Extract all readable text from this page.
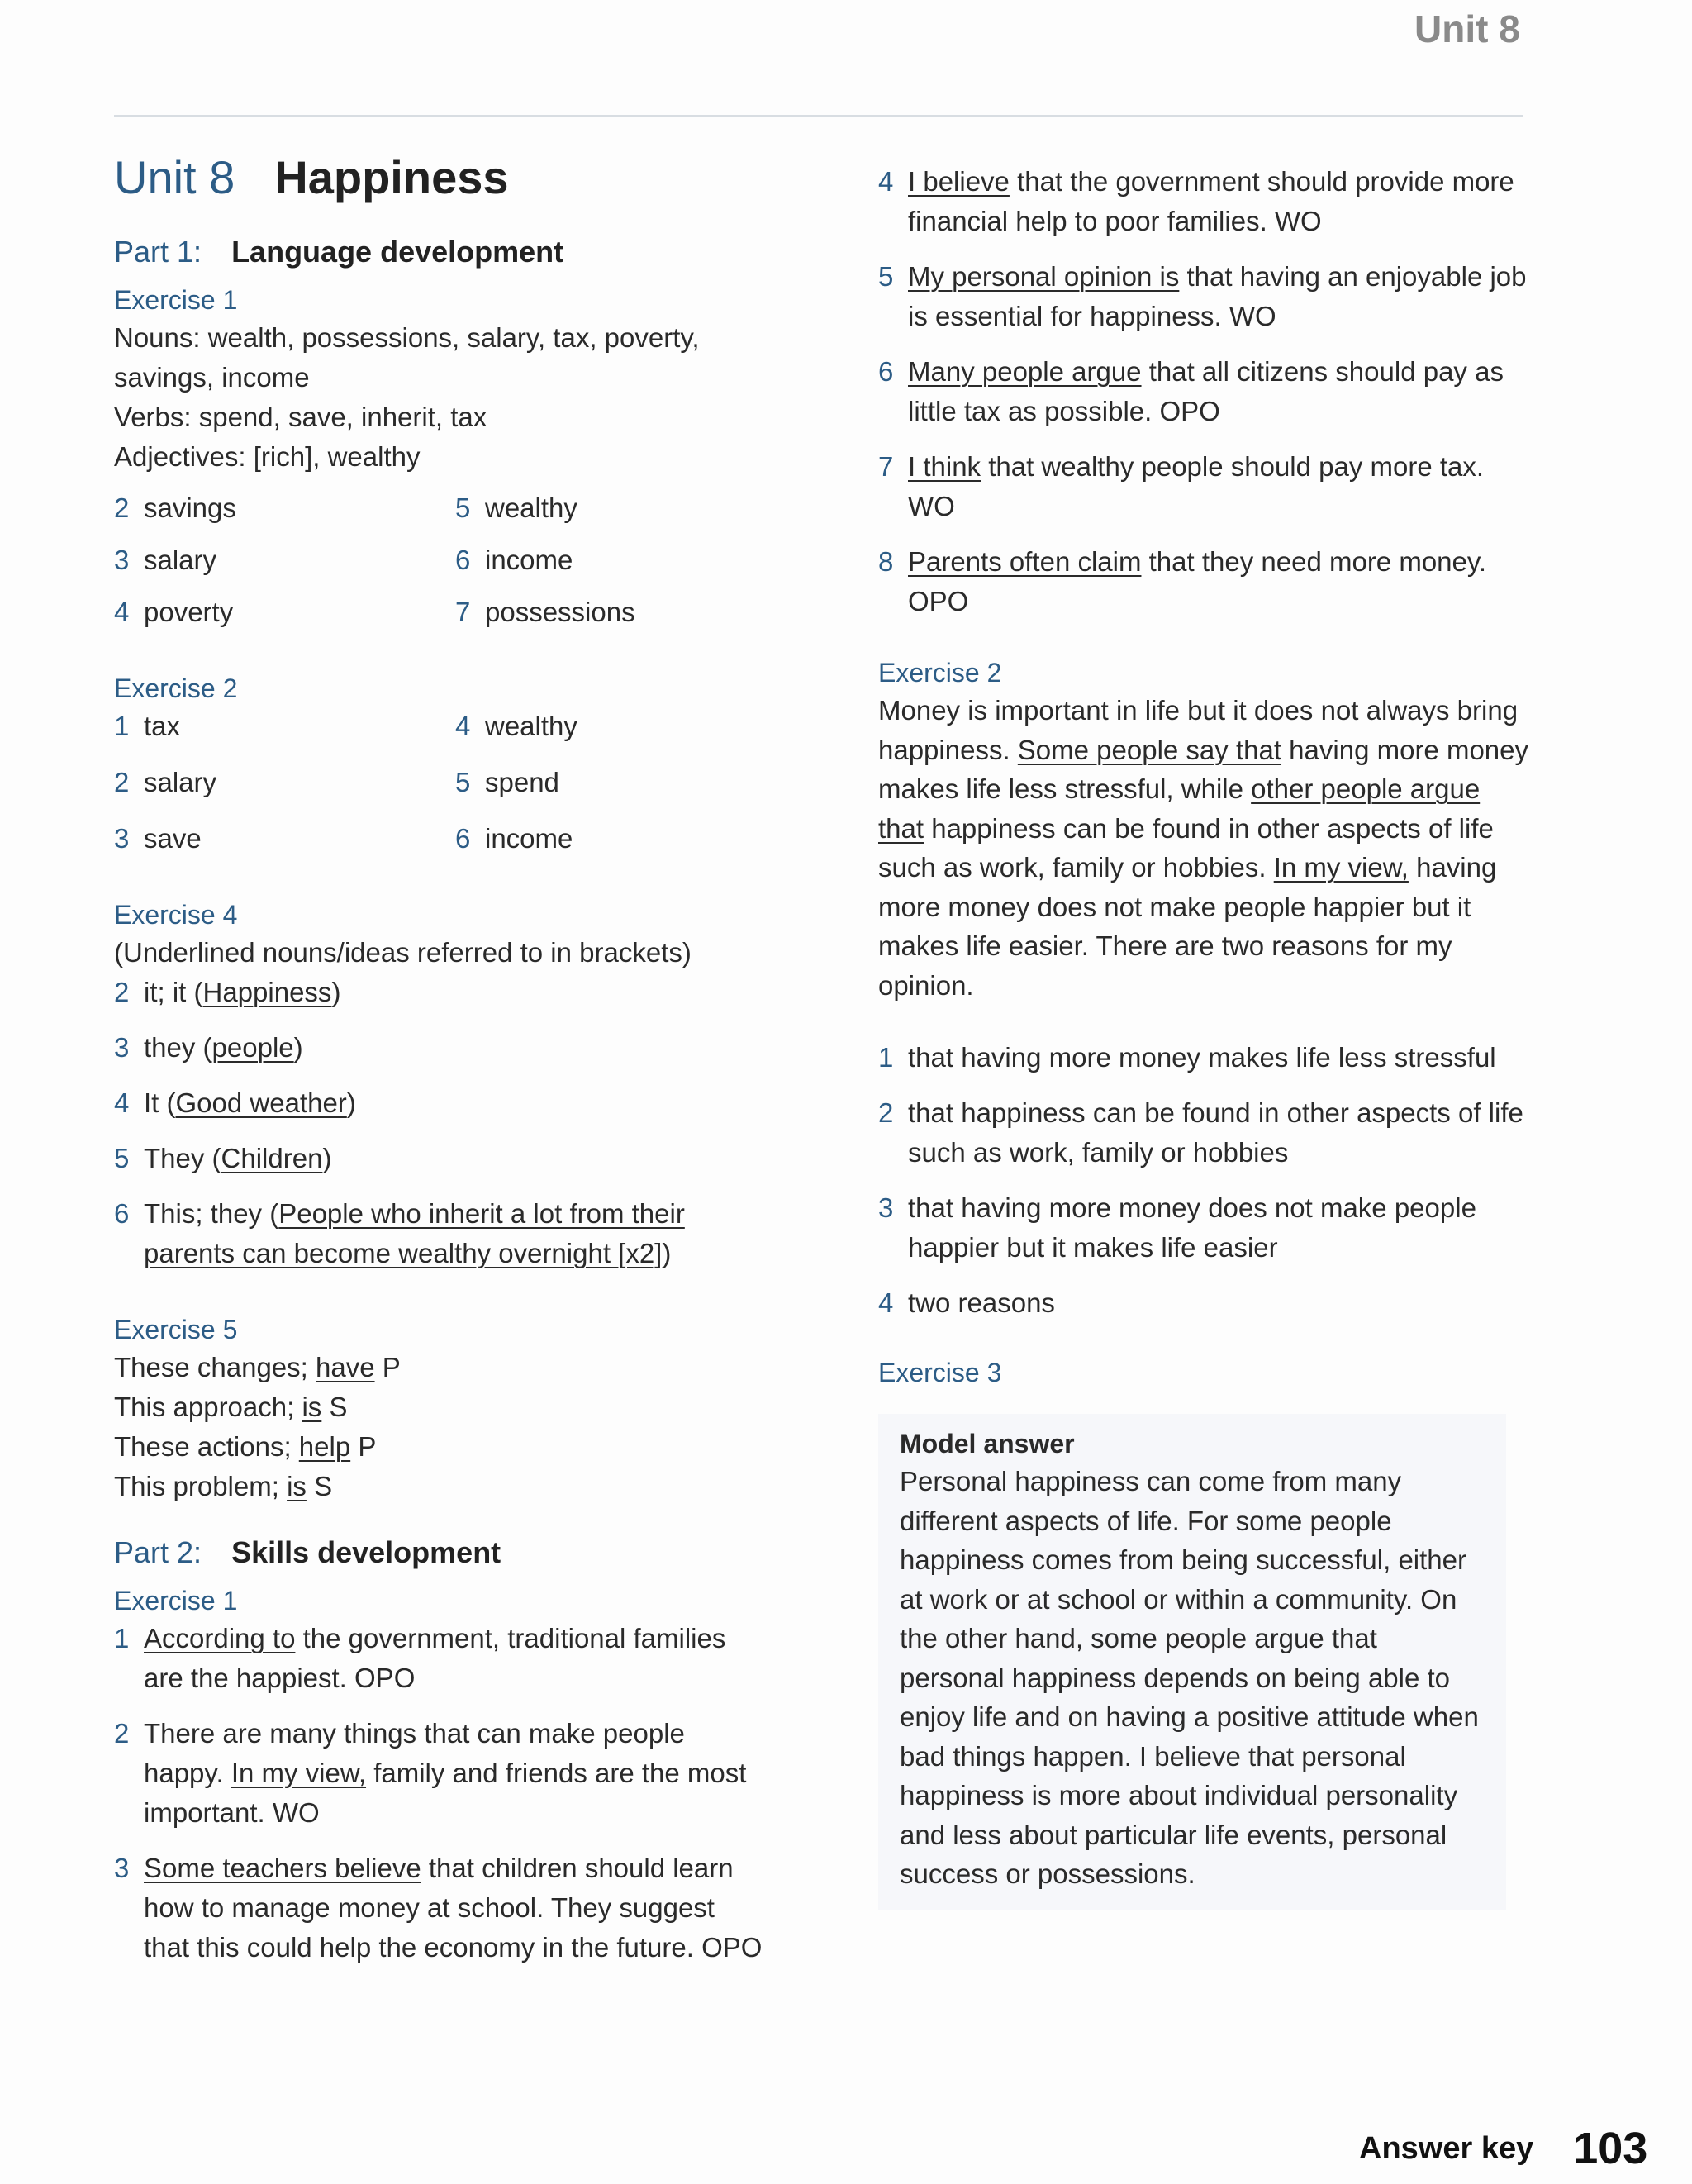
Unit 8
Unit 8 Happiness
Part 1: Language development
Exercise 1
Nouns: wealth, possessions, salary, tax, poverty,
savings, income
Verbs: spend, save, inherit, tax
Adjectives: [rich], wealthy
2 savings	5 wealthy
3 salary	6 income
4 poverty	7 possessions
Exercise 2
1 tax	4 wealthy
2 salary	5 spend
3 save	6 income
Exercise 4
(Underlined nouns/ideas referred to in brackets)
2 it; it (Happiness)
3 they (people)
4 It (Good weather)
5 They (Children)
6 This; they (People who inherit a lot from their parents can become wealthy overnight [x2])
Exercise 5
These changes; have P
This approach; is S
These actions; help P
This problem; is S
Part 2: Skills development
Exercise 1
1 According to the government, traditional families are the happiest. OPO
2 There are many things that can make people happy. In my view, family and friends are the most important. WO
3 Some teachers believe that children should learn how to manage money at school. They suggest that this could help the economy in the future. OPO
4 I believe that the government should provide more financial help to poor families. WO
5 My personal opinion is that having an enjoyable job is essential for happiness. WO
6 Many people argue that all citizens should pay as little tax as possible. OPO
7 I think that wealthy people should pay more tax. WO
8 Parents often claim that they need more money. OPO
Exercise 2
Money is important in life but it does not always bring happiness. Some people say that having more money makes life less stressful, while other people argue that happiness can be found in other aspects of life such as work, family or hobbies. In my view, having more money does not make people happier but it makes life easier. There are two reasons for my opinion.
1 that having more money makes life less stressful
2 that happiness can be found in other aspects of life such as work, family or hobbies
3 that having more money does not make people happier but it makes life easier
4 two reasons
Exercise 3
Model answer
Personal happiness can come from many different aspects of life. For some people happiness comes from being successful, either at work or at school or within a community. On the other hand, some people argue that personal happiness depends on being able to enjoy life and on having a positive attitude when bad things happen. I believe that personal happiness is more about individual personality and less about particular life events, personal success or possessions.
Answer key 103
